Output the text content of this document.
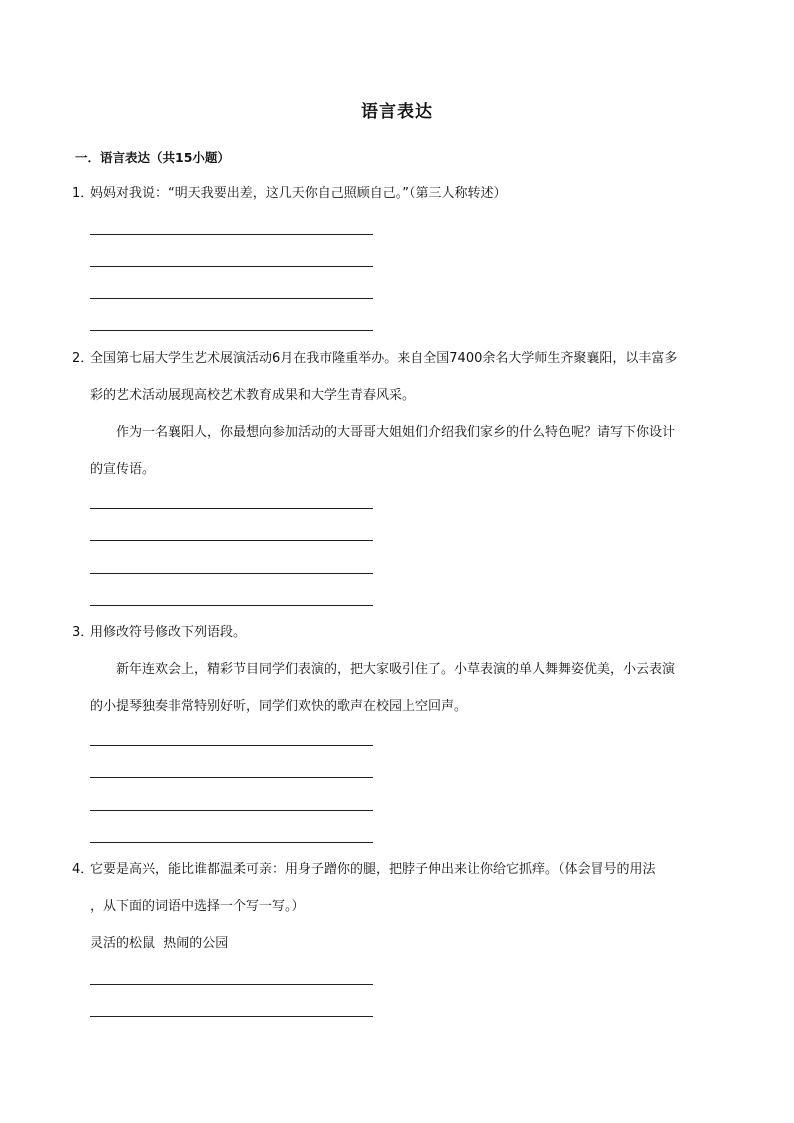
语言表达
一．语言表达（共15小题）
1．
妈妈对我说：“明天我要出差，这几天你自己照顾自己。”（第三人称转述）
2．
全国第七届大学生艺术展演活动6月在我市隆重举办。来自全国7400余名大学师生齐聚襄阳，以丰富多
彩的艺术活动展现高校艺术教育成果和大学生青春风采。
作为一名襄阳人，你最想向参加活动的大哥哥大姐姐们介绍我们家乡的什么特色呢？请写下你设计
的宣传语。
3．
用修改符号修改下列语段。
新年连欢会上，精彩节目同学们表演的，把大家吸引住了。小草表演的单人舞舞姿优美，小云表演
的小提琴独奏非常特别好听，同学们欢快的歌声在校园上空回声。
4．
它要是高兴，能比谁都温柔可亲：用身子蹭你的腿，把脖子伸出来让你给它抓痒。（体会冒号的用法
，从下面的词语中选择一个写一写。）
灵活的松鼠  热闹的公园
